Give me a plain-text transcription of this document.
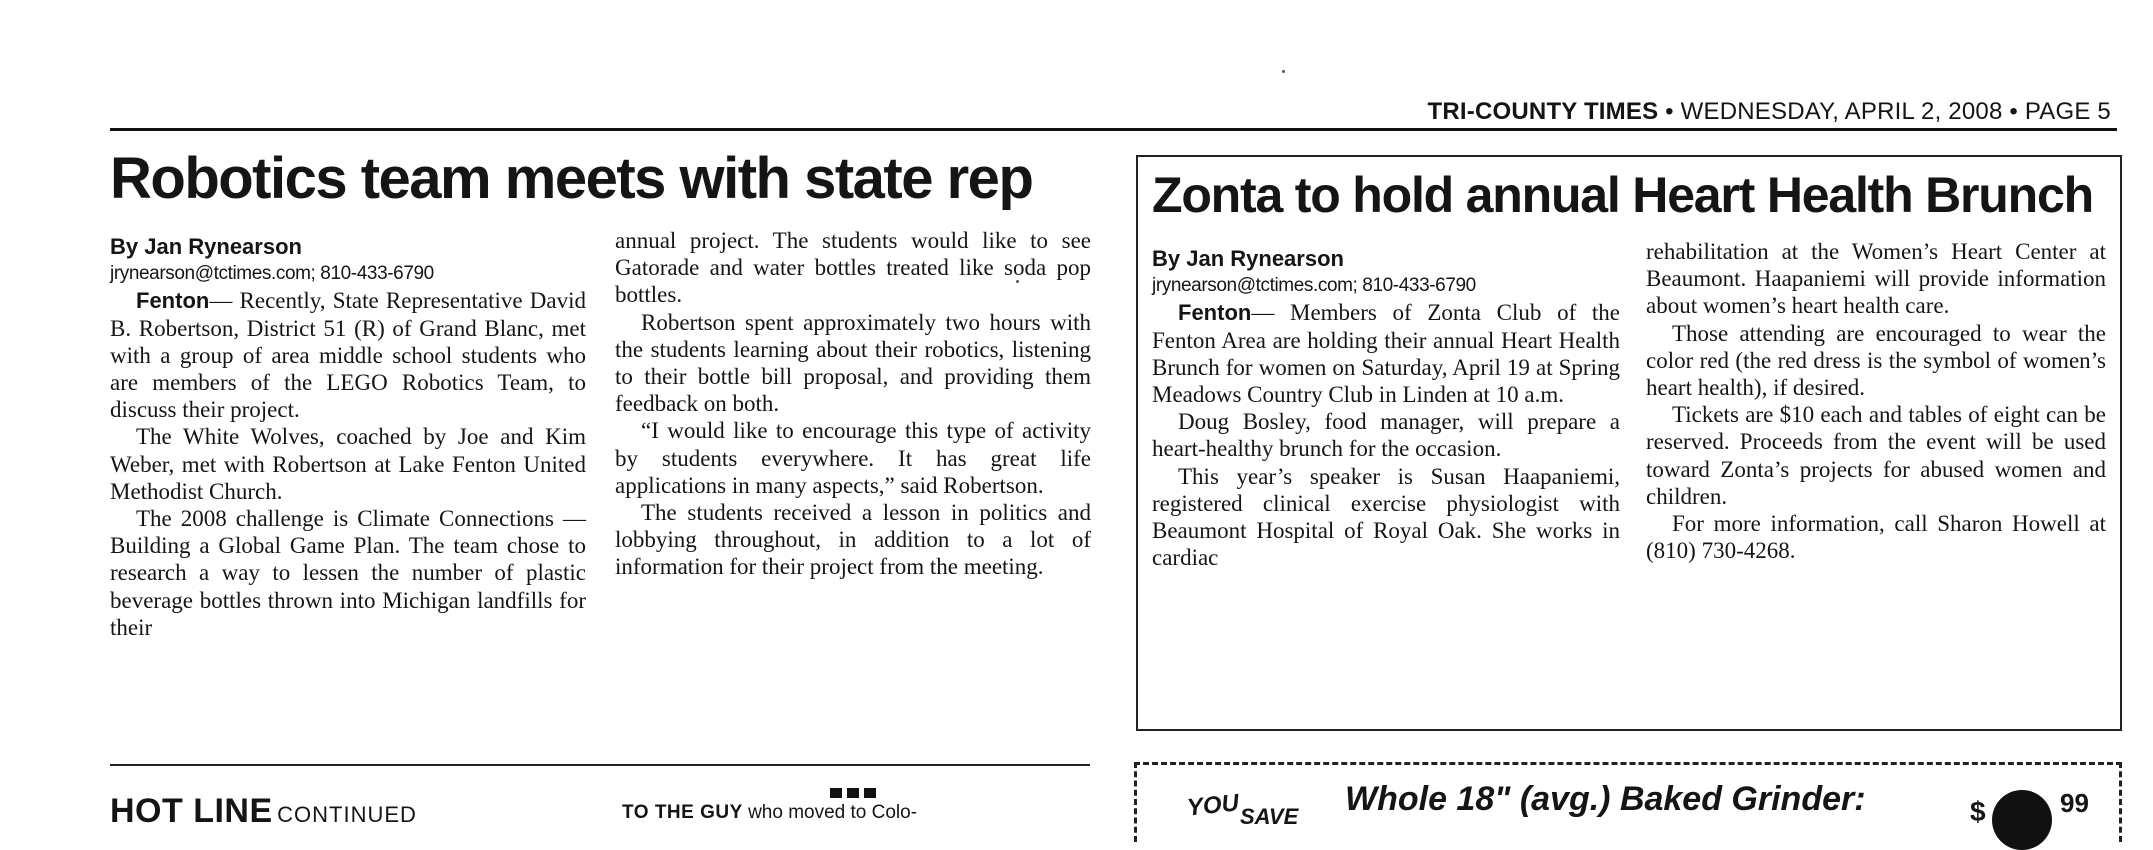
TRI-COUNTY TIMES • WEDNESDAY, APRIL 2, 2008 • PAGE 5
Robotics team meets with state rep
By Jan Rynearson
jrynearson@tctimes.com; 810-433-6790

Fenton— Recently, State Representative David B. Robertson, District 51 (R) of Grand Blanc, met with a group of area middle school students who are members of the LEGO Robotics Team, to discuss their project.

The White Wolves, coached by Joe and Kim Weber, met with Robertson at Lake Fenton United Methodist Church.

The 2008 challenge is Climate Connections — Building a Global Game Plan. The team chose to research a way to lessen the number of plastic beverage bottles thrown into Michigan landfills for their

annual project. The students would like to see Gatorade and water bottles treated like soda pop bottles.

Robertson spent approximately two hours with the students learning about their robotics, listening to their bottle bill proposal, and providing them feedback on both.

“I would like to encourage this type of activity by students everywhere. It has great life applications in many aspects,” said Robertson.

The students received a lesson in politics and lobbying throughout, in addition to a lot of information for their project from the meeting.

Zonta to hold annual Heart Health Brunch
By Jan Rynearson
jrynearson@tctimes.com; 810-433-6790

Fenton— Members of Zonta Club of the Fenton Area are holding their annual Heart Health Brunch for women on Saturday, April 19 at Spring Meadows Country Club in Linden at 10 a.m.

Doug Bosley, food manager, will prepare a heart-healthy brunch for the occasion.

This year’s speaker is Susan Haapaniemi, registered clinical exercise physiologist with Beaumont Hospital of Royal Oak. She works in cardiac

rehabilitation at the Women’s Heart Center at Beaumont. Haapaniemi will provide information about women’s heart health care.

Those attending are encouraged to wear the color red (the red dress is the symbol of women’s heart health), if desired.

Tickets are $10 each and tables of eight can be reserved. Proceeds from the event will be used toward Zonta’s projects for abused women and children.

For more information, call Sharon Howell at (810) 730-4268.

HOT LINE CONTINUED	TO THE GUY who moved to Colo-	YOU SAVE Whole 18" (avg.) Baked Grinder:	$	99
